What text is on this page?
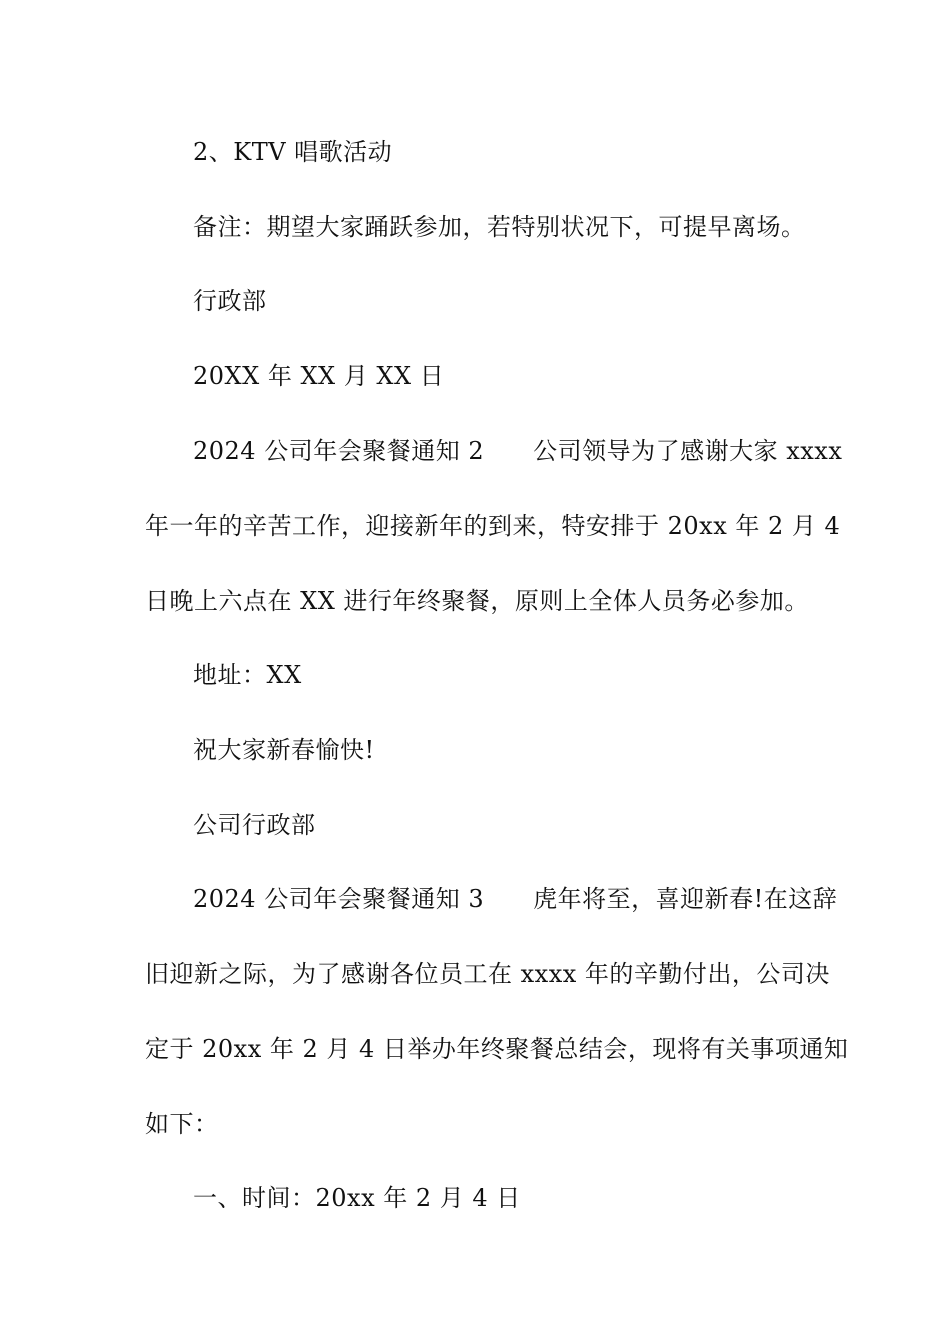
2、KTV 唱歌活动
备注：期望大家踊跃参加，若特别状况下，可提早离场。
行政部
20XX 年 XX 月 XX 日
2024 公司年会聚餐通知 2　　公司领导为了感谢大家 xxxx
年一年的辛苦工作，迎接新年的到来，特安排于 20xx 年 2 月 4
日晚上六点在 XX 进行年终聚餐，原则上全体人员务必参加。
地址：XX
祝大家新春愉快!
公司行政部
2024 公司年会聚餐通知 3　　虎年将至，喜迎新春!在这辞
旧迎新之际，为了感谢各位员工在 xxxx 年的辛勤付出，公司决
定于 20xx 年 2 月 4 日举办年终聚餐总结会，现将有关事项通知
如下：
一、时间：20xx 年 2 月 4 日
